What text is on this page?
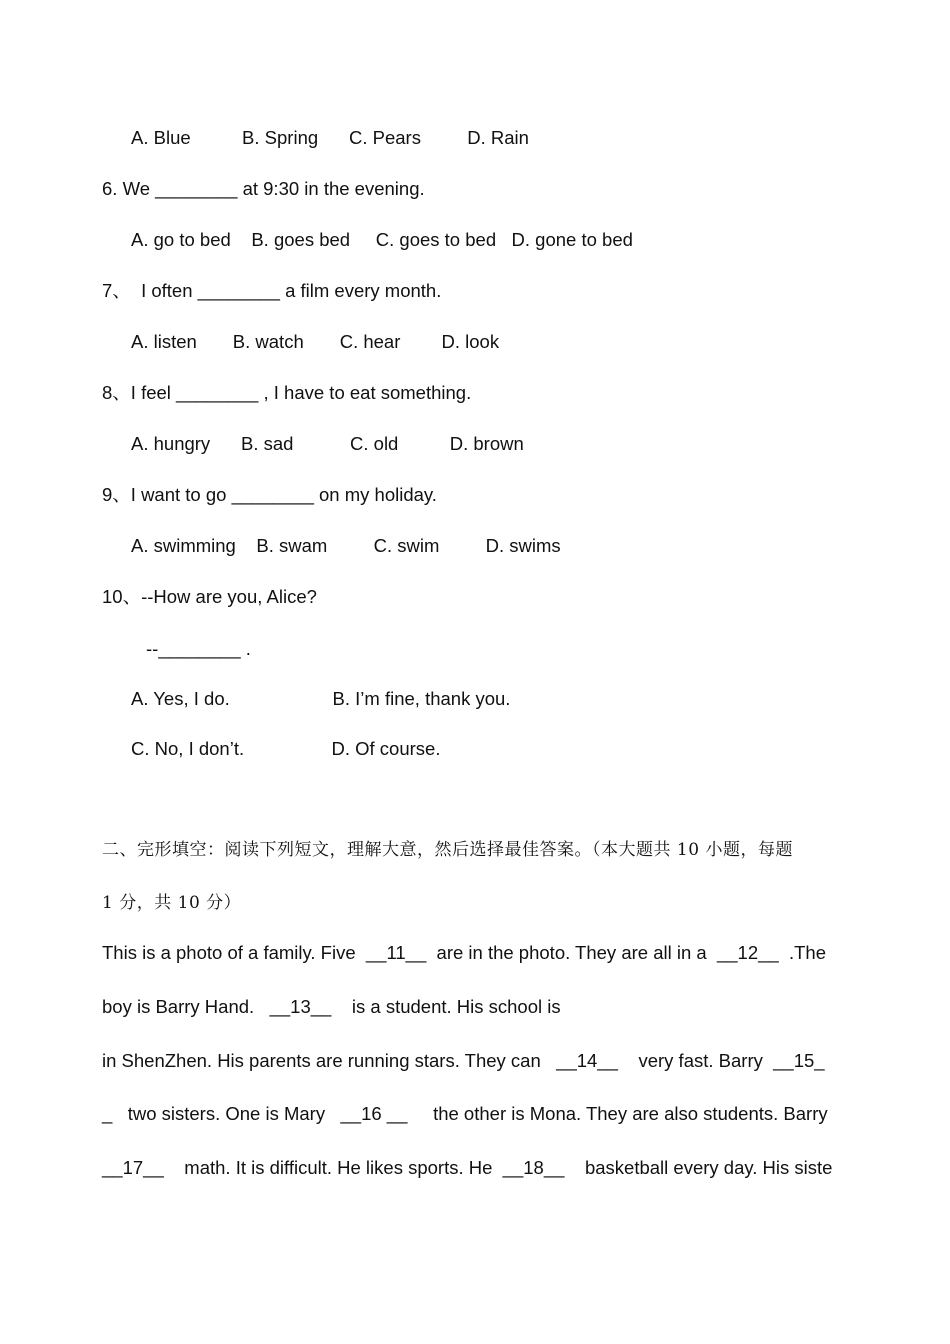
A. Blue          B. Spring      C. Pears         D. Rain
6. We ________ at 9:30 in the evening.
A. go to bed    B. goes bed     C. goes to bed   D. gone to bed
7、  I often ________ a film every month.
A. listen       B. watch       C. hear        D. look
8、I feel ________ , I have to eat something.
A. hungry      B. sad           C. old          D. brown
9、I want to go ________ on my holiday.
A. swimming    B. swam         C. swim         D. swims
10、--How are you, Alice?
--________ .
A. Yes, I do.                    B. I’m fine, thank you.
C. No, I don’t.                 D. Of course.
二、完形填空：阅读下列短文，理解大意，然后选择最佳答案。（本大题共 10 小题，每题
1 分，共 10 分）
This is a photo of a family. Five  __11__  are in the photo. They are all in a  __12__  .The
boy is Barry Hand.   __13__    is a student. His school is
in ShenZhen. His parents are running stars. They can   __14__    very fast. Barry  __15_
_   two sisters. One is Mary   __16 __     the other is Mona. They are also students. Barry
__17__    math. It is difficult. He likes sports. He  __18__    basketball every day. His siste
